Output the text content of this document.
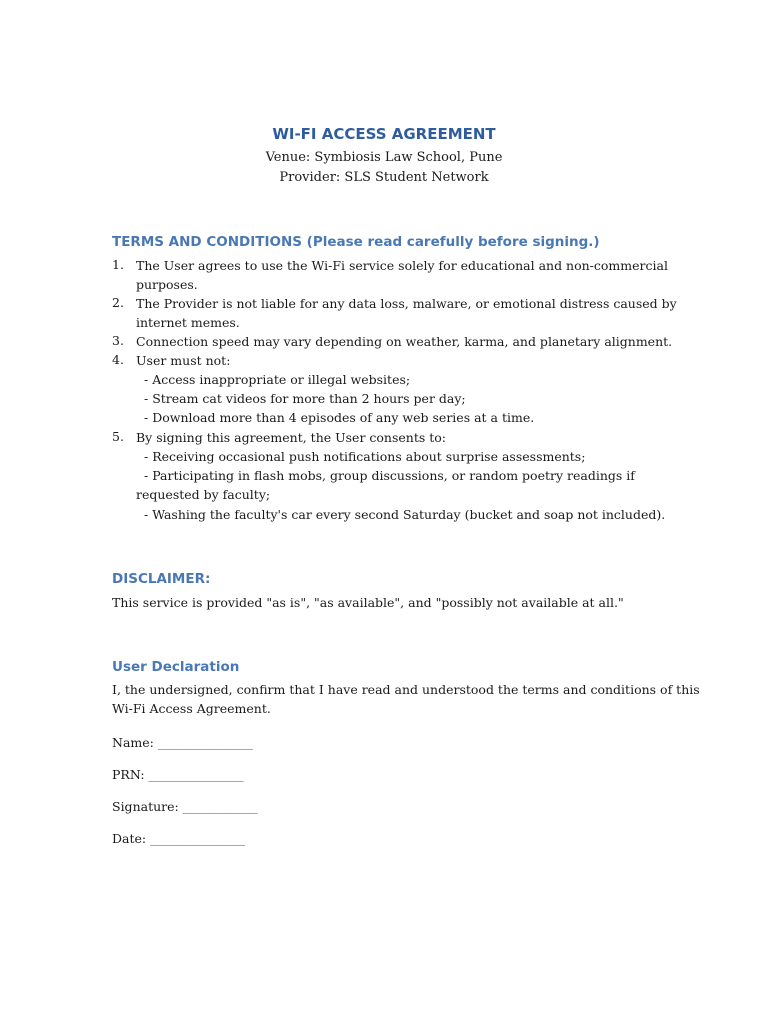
WI-FI ACCESS AGREEMENT
Venue: Symbiosis Law School, Pune
Provider: SLS Student Network
TERMS AND CONDITIONS (Please read carefully before signing.)
1. The User agrees to use the Wi-Fi service solely for educational and non-commercial
purposes.
2. The Provider is not liable for any data loss, malware, or emotional distress caused by
internet memes.
3. Connection speed may vary depending on weather, karma, and planetary alignment.
4. User must not:
- Access inappropriate or illegal websites;
- Stream cat videos for more than 2 hours per day;
- Download more than 4 episodes of any web series at a time.
5. By signing this agreement, the User consents to:
- Receiving occasional push notifications about surprise assessments;
- Participating in flash mobs, group discussions, or random poetry readings if
requested by faculty;
- Washing the faculty's car every second Saturday (bucket and soap not included).
DISCLAIMER:
This service is provided "as is", "as available", and "possibly not available at all."
User Declaration
I, the undersigned, confirm that I have read and understood the terms and conditions of this
Wi-Fi Access Agreement.
Name: ___________________
PRN: ___________________
Signature: _______________
Date: ___________________
